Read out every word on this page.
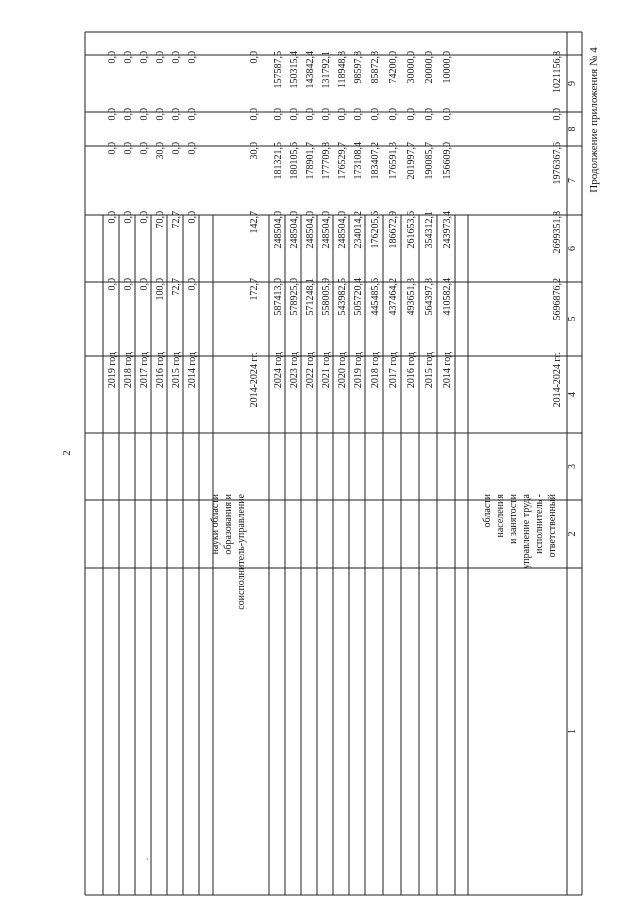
2
Продолжение приложения № 4
1
2
3
4
5
6
7
8
9
ответственный
исполнитель -
управление труда
и занятости
населения
области
соисполнитель-управление
образования и
науки области
2014-2024 гг.
5696876,2
2699351,8
1976367,6
0,0
1021156,8
2014 год
410582,4
243973,4
156609,0
0,0
10000,0
2015 год
564397,8
354312,1
190085,7
0,0
20000,0
2016 год
493651,3
261653,6
201997,7
0,0
30000,0
2017 год
437464,2
186672,9
176591,3
0,0
74200,0
2018 год
445485,6
176205,6
183407,2
0,0
85872,8
2019 год
505720,4
234014,2
173108,4
0,0
98597,8
2020 год
543982,5
248504,0
176529,7
0,0
118948,8
2021 год
558005,9
248504,0
177709,8
0,0
131792,1
2022 год
571248,1
248504,0
178901,7
0,0
143842,4
2023 год
578925,0
248504,0
180105,6
0,0
150315,4
2024 год
587413,0
248504,0
181321,5
0,0
157587,5
2014-2024 гг.
172,7
142,7
30,0
0,0
0,0
2014 год
0,0
0,0
0,0
0,0
0,0
2015 год
72,7
72,7
0,0
0,0
0,0
2016 год
100,0
70,0
30,0
0,0
0,0
2017 год
0,0
0,0
0,0
0,0
0,0
2018 год
0,0
0,0
0,0
0,0
0,0
2019 год
0,0
0,0
0,0
0,0
0,0
·
